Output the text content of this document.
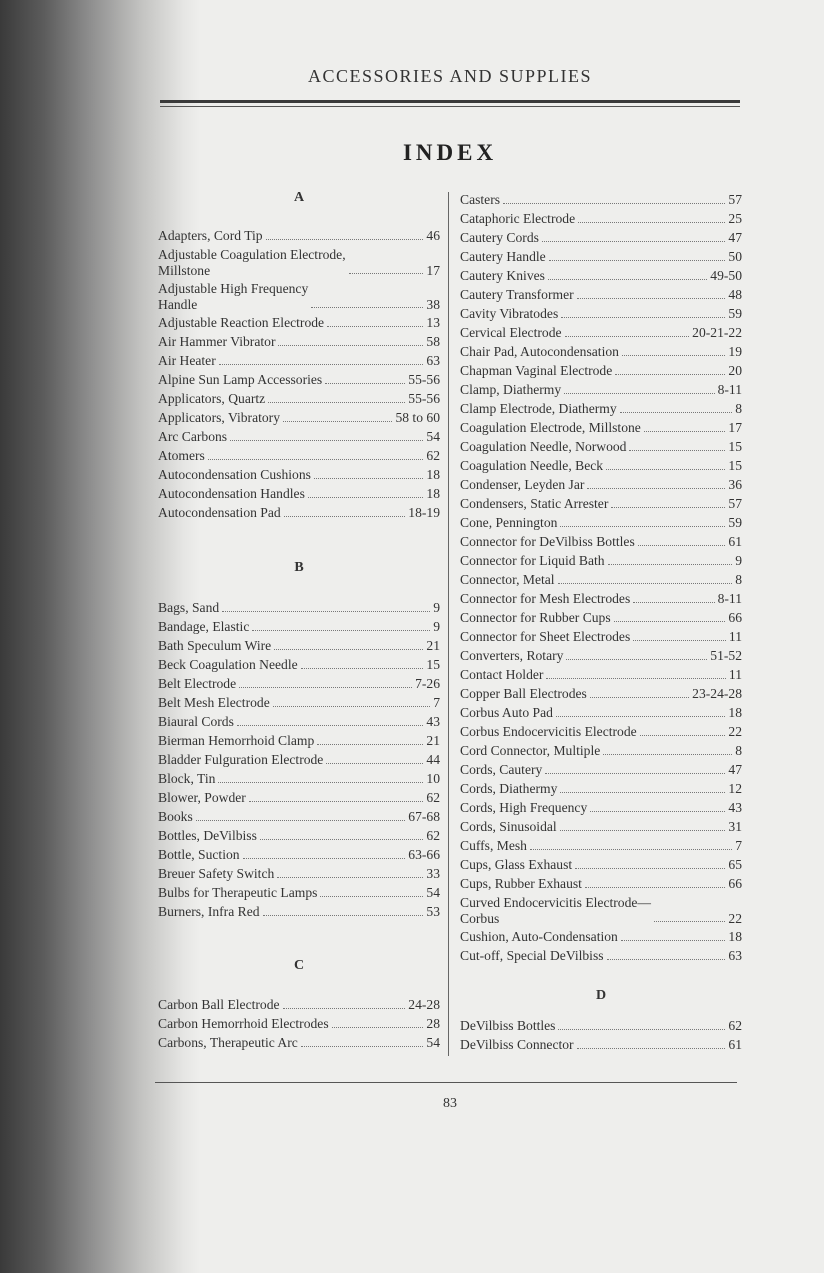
ACCESSORIES AND SUPPLIES
INDEX
A
Adapters, Cord Tip	46
Adjustable Coagulation Electrode,
Millstone	17
Adjustable High Frequency
Handle	38
Adjustable Reaction Electrode	13
Air Hammer Vibrator	58
Air Heater	63
Alpine Sun Lamp Accessories	55-56
Applicators, Quartz	55-56
Applicators, Vibratory	58 to 60
Arc Carbons	54
Atomers	62
Autocondensation Cushions	18
Autocondensation Handles	18
Autocondensation Pad	18-19
B
Bags, Sand	9
Bandage, Elastic	9
Bath Speculum Wire	21
Beck Coagulation Needle	15
Belt Electrode	7-26
Belt Mesh Electrode	7
Biaural Cords	43
Bierman Hemorrhoid Clamp	21
Bladder Fulguration Electrode	44
Block, Tin	10
Blower, Powder	62
Books	67-68
Bottles, DeVilbiss	62
Bottle, Suction	63-66
Breuer Safety Switch	33
Bulbs for Therapeutic Lamps	54
Burners, Infra Red	53
C
Carbon Ball Electrode	24-28
Carbon Hemorrhoid Electrodes	28
Carbons, Therapeutic Arc	54
Casters	57
Cataphoric Electrode	25
Cautery Cords	47
Cautery Handle	50
Cautery Knives	49-50
Cautery Transformer	48
Cavity Vibratodes	59
Cervical Electrode	20-21-22
Chair Pad, Autocondensation	19
Chapman Vaginal Electrode	20
Clamp, Diathermy	8-11
Clamp Electrode, Diathermy	8
Coagulation Electrode, Millstone	17
Coagulation Needle, Norwood	15
Coagulation Needle, Beck	15
Condenser, Leyden Jar	36
Condensers, Static Arrester	57
Cone, Pennington	59
Connector for DeVilbiss Bottles	61
Connector for Liquid Bath	9
Connector, Metal	8
Connector for Mesh Electrodes	8-11
Connector for Rubber Cups	66
Connector for Sheet Electrodes	11
Converters, Rotary	51-52
Contact Holder	11
Copper Ball Electrodes	23-24-28
Corbus Auto Pad	18
Corbus Endocervicitis Electrode	22
Cord Connector, Multiple	8
Cords, Cautery	47
Cords, Diathermy	12
Cords, High Frequency	43
Cords, Sinusoidal	31
Cuffs, Mesh	7
Cups, Glass Exhaust	65
Cups, Rubber Exhaust	66
Curved Endocervicitis Electrode—
Corbus	22
Cushion, Auto-Condensation	18
Cut-off, Special DeVilbiss	63
D
DeVilbiss Bottles	62
DeVilbiss Connector	61
83
